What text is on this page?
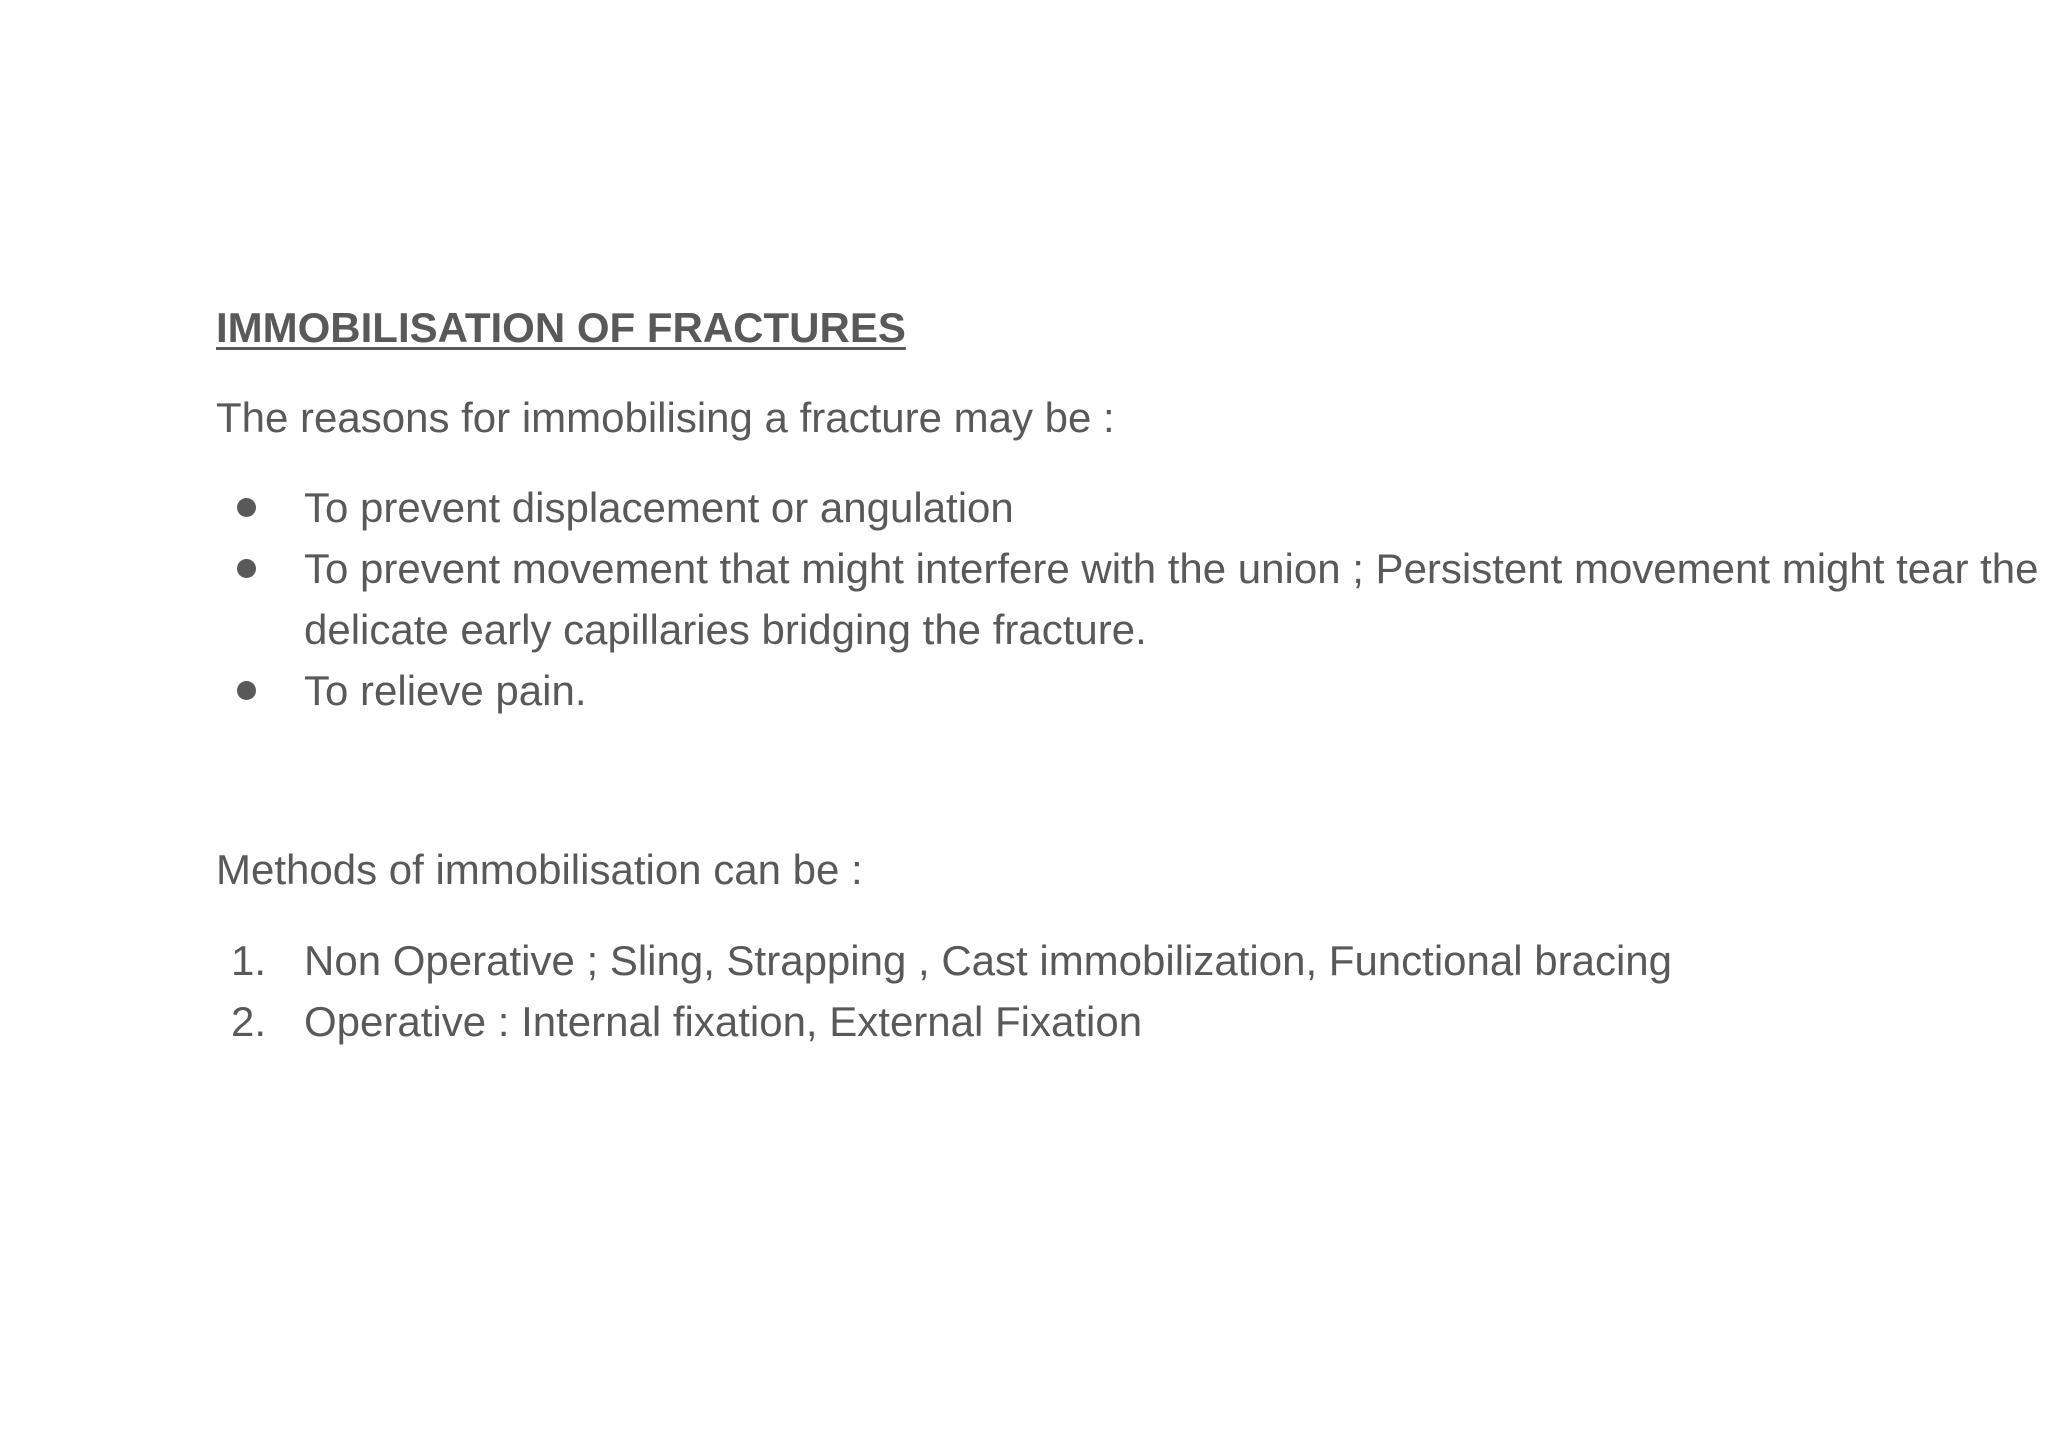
IMMOBILISATION OF FRACTURES
The reasons for immobilising a fracture may be :
To prevent displacement or angulation
To prevent movement that might interfere with the union ; Persistent movement might tear the delicate early capillaries bridging the fracture.
To relieve pain.
Methods of immobilisation can be :
1. Non Operative ; Sling, Strapping , Cast immobilization, Functional bracing
2. Operative : Internal fixation, External Fixation
